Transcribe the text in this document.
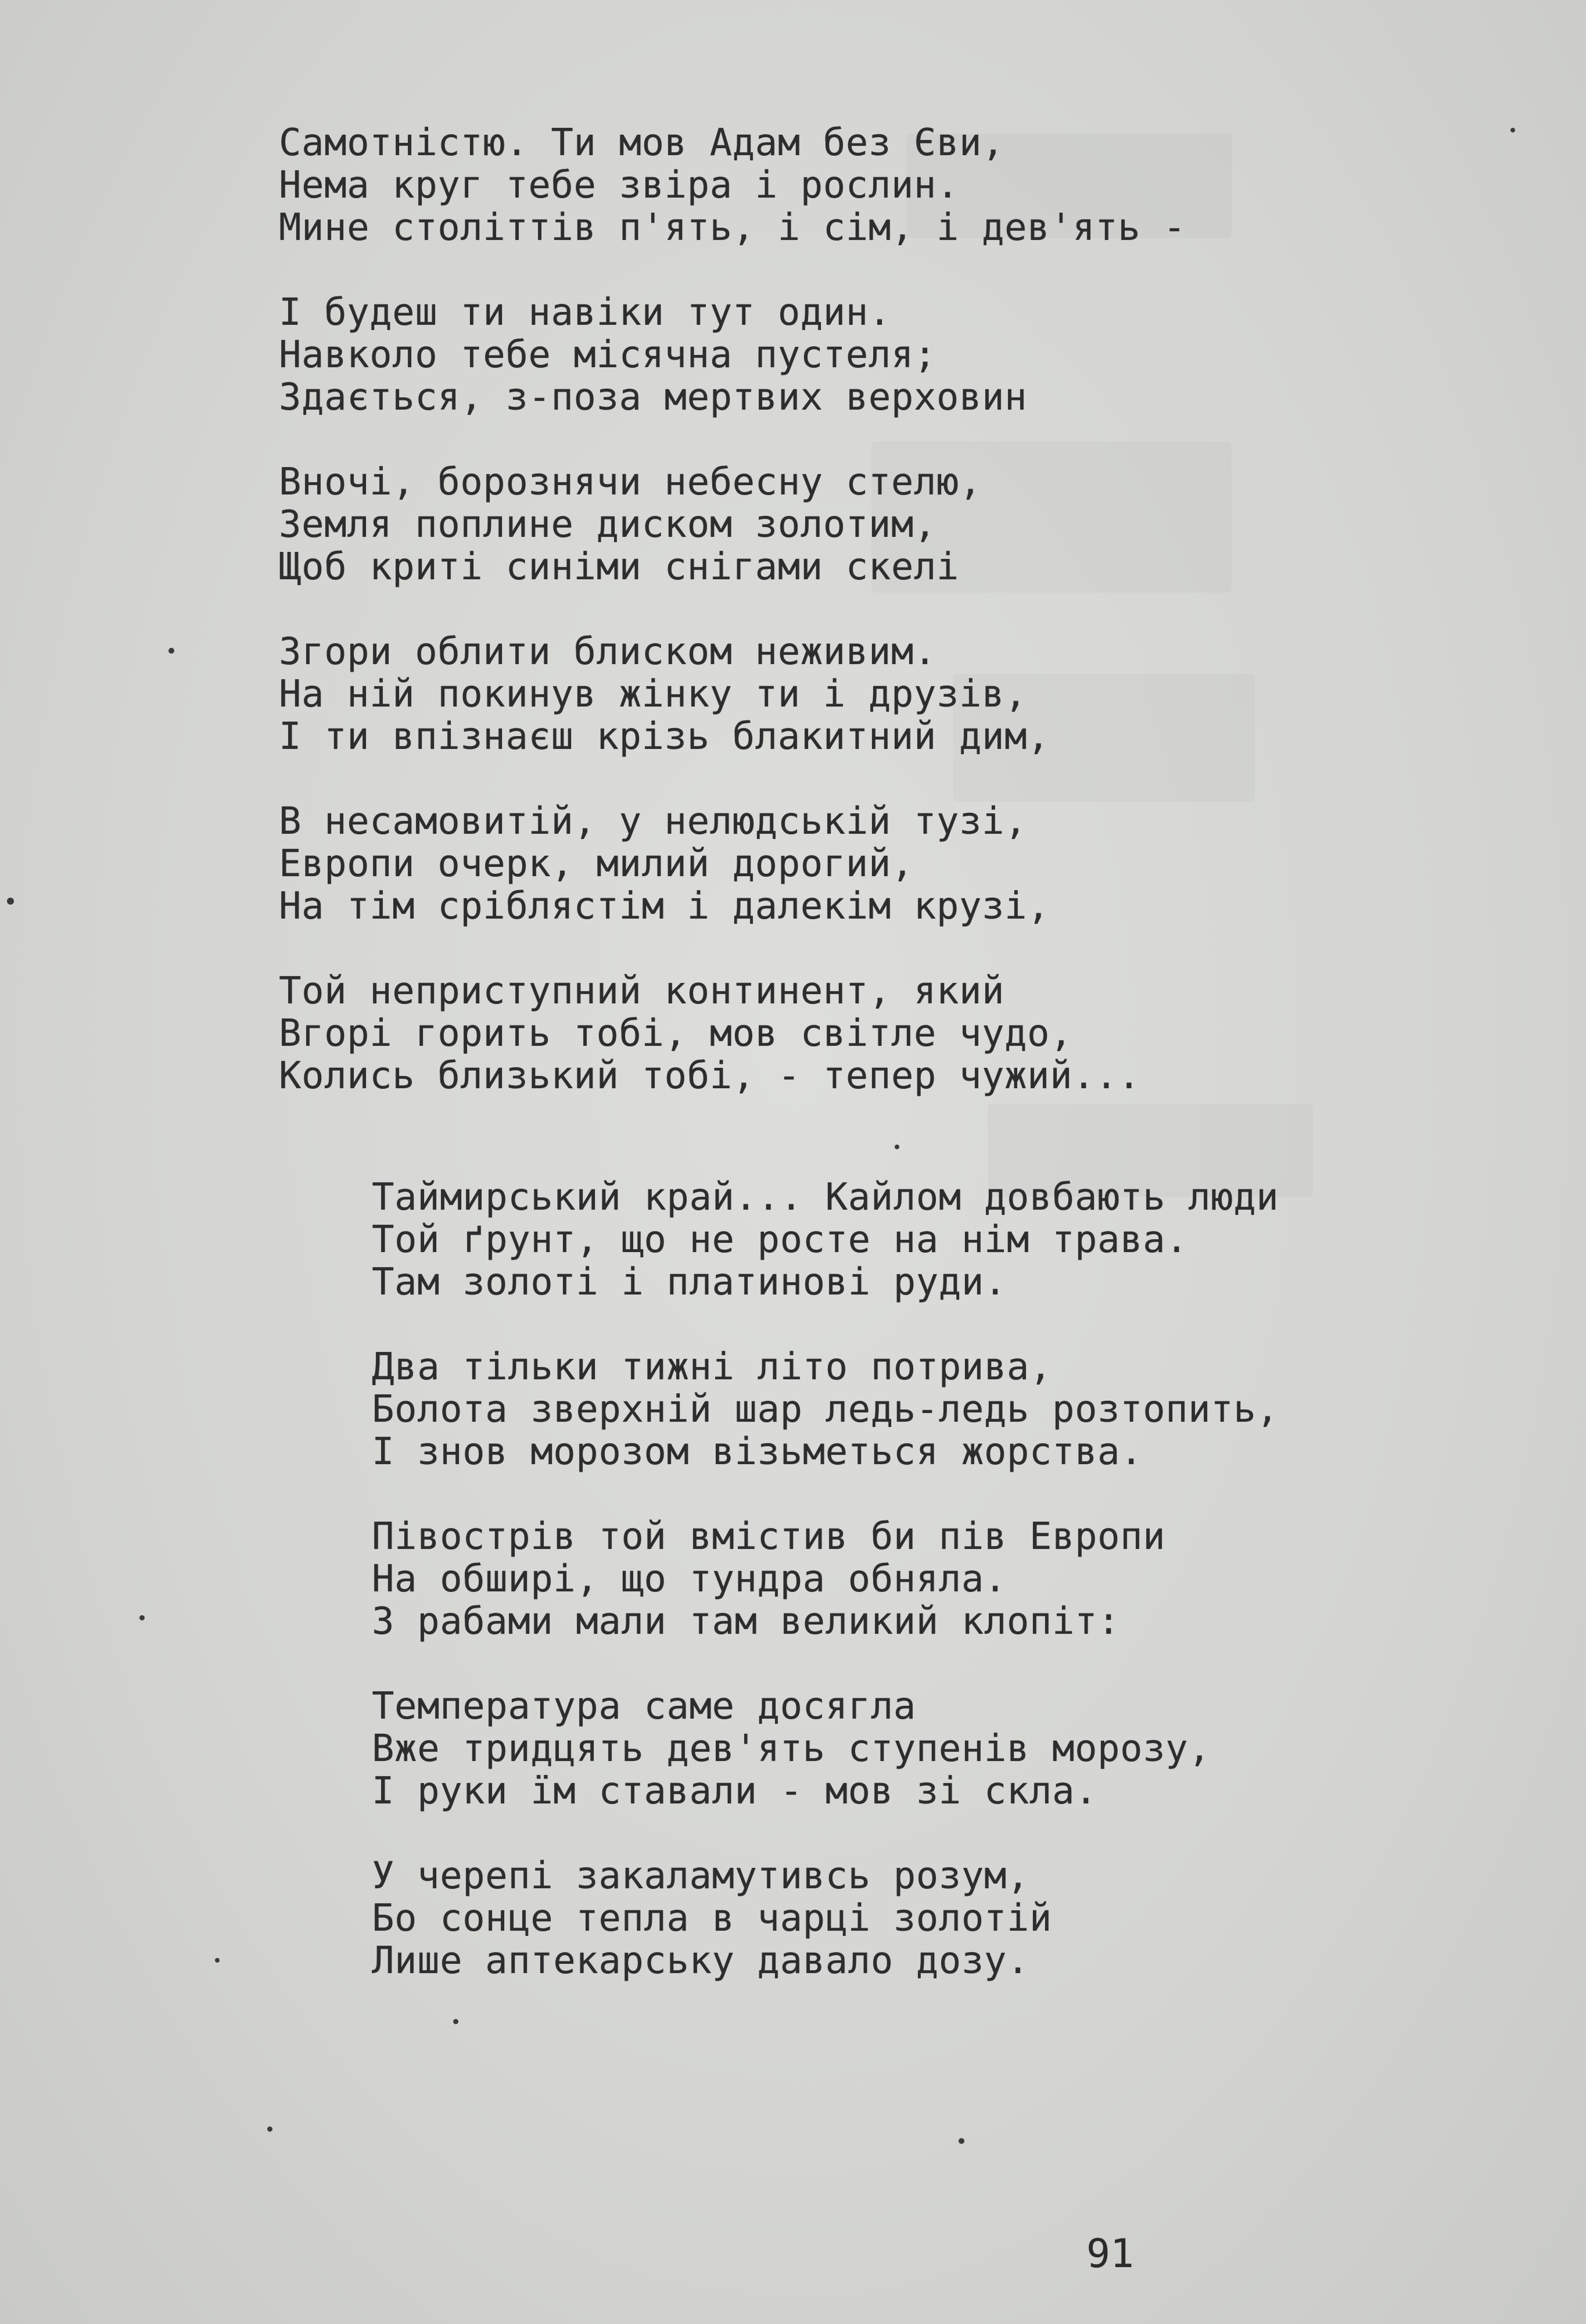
Самотністю. Ти мов Адам без Єви,
Нема круг тебе звіра і рослин.
Мине століттів п'ять, і сім, і дев'ять -
І будеш ти навіки тут один.
Навколо тебе місячна пустеля;
Здається, з-поза мертвих верховин
Вночі, борознячи небесну стелю,
Земля поплине диском золотим,
Щоб криті синіми снігами скелі
Згори облити блиском неживим.
На ній покинув жінку ти і друзів,
І ти впізнаєш крізь блакитний дим,
В несамовитій, у нелюдській тузі,
Европи очерк, милий дорогий,
На тім сріблястім і далекім крузі,
Той неприступний континент, який
Вгорі горить тобі, мов світле чудо,
Колись близький тобі, - тепер чужий...
Таймирський край... Кайлом довбають люди
Той ґрунт, що не росте на нім трава.
Там золоті і платинові руди.
Два тільки тижні літо потрива,
Болота зверхній шар ледь-ледь розтопить,
І знов морозом візьметься жорства.
Півострів той вмістив би пів Европи
На обширі, що тундра обняла.
З рабами мали там великий клопіт:
Температура саме досягла
Вже тридцять дев'ять ступенів морозу,
І руки їм ставали - мов зі скла.
У черепі закаламутивсь розум,
Бо сонце тепла в чарці золотій
Лише аптекарську давало дозу.
91
